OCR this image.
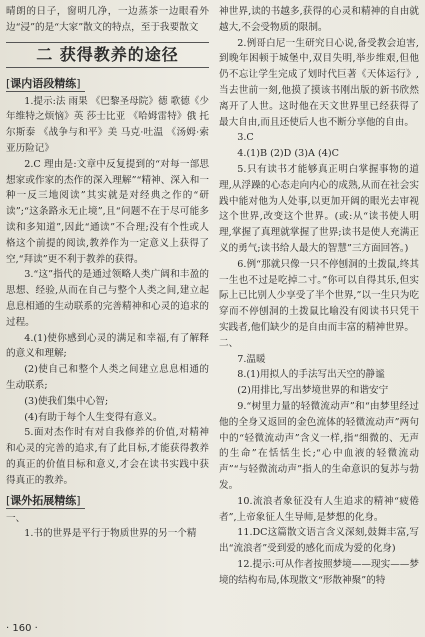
晴朗的日子，窗明几净，一边蒸茶一边眼看外边“浸”的是“大家”散文的特点，至于我要散文

二 获得教养的途径
[课内语段精练]

1.提示:法 雨果 《巴黎圣母院》德 歌德《少年维特之烦恼》英 莎士比亚 《哈姆雷特》俄 托尔斯泰 《战争与和平》美 马克·吐温 《汤姆·索亚历险记》

2.C 理由是:文章中反复提到的“对每一部思想家或作家的杰作的深入理解”“精神、深入和一种一反三地阅读”其实就是对经典之作的“研读”;“这条路永无止境”,且“问题不在于尽可能多读和多知道”,因此“通读”不合理;没有个性或人格这个前提的阅读,教养作为一定意义上获得了空,“拜读”更不利于教养的获得。

3.“这”指代的是通过领略人类广阔和丰盈的思想、经验,从而在自己与整个人类之间,建立起息息相通的生动联系的完善精神和心灵的追求的过程。

4.(1)使你感到心灵的满足和幸福,有了解释的意义和理解;

(2)使自己和整个人类之间建立息息相通的生动联系;

(3)使我们集中心智;

(4)有助于每个人生变得有意义。

5.面对杰作时有对自我修养的价值,对精神和心灵的完善的追求,有了此目标,才能获得教养的真正的价值目标和意义,才会在读书实践中获得真正的教养。

[课外拓展精练]

一、

1.书的世界是平行于物质世界的另一个精

神世界,读的书越多,获得的心灵和精神的自由就越大,不会受物质的限制。

2.例哥白尼一生研究日心说,备受教会迫害,到晚年困顿于城堡中,双目失明,举步维艰,但他仍不忘让学生完成了划时代巨著《天体运行》,当去世前一刻,他摸了摸该书刚出版的新书欣然离开了人世。这时他在天文世界里已经获得了最大自由,而且还使后人也不断分享他的自由。

3.C

4.(1)B (2)D (3)A (4)C

5.只有读书才能够真正明白掌握事物的道理,从浮躁的心态走向内心的成熟,从而在社会实践中能对他为人处事,以更加开阔的眼光去审视这个世界,改变这个世界。(或:从“读书使人明理,掌握了真理就掌握了世界;读书是使人充满正义的勇气;读书给人最大的智慧”三方面回答。)

6.例“那就只像一只不停刨洞的土拨鼠,终其一生也不过是吃掉二寸。”你可以自得其乐,但实际上已比别人少享受了半个世界,”以一生只为吃穿而不停刨洞的土拨鼠比喻没有阅读书只凭干实践者,他们缺少的是自由而丰富的精神世界。

二、

7.温暖

8.(1)用拟人的手法写出天空的静谧

(2)用排比,写出梦境世界的和谐安宁

9.“树里力量的轻微流动声”和“由梦里经过他的全身又返回的金色流体的轻微流动声”两句中的“轻微流动声”含义一样,指“细微的、无声的生命”在恬恬生长;“心中血液的轻微流动声”“与轻微流动声”指人的生命意识的复苏与勃发。

10.流浪者象征没有人生追求的精神“疲倦者”,上帝象征人生导师,是梦想的化身。

11.DC这篇散文语言含义深刻,鼓舞丰富,写出“流浪者”受到爱的感化而成为爱的化身)

12.提示:可从作者按照梦境——现实——梦境的结构布局,体现散文“形散神聚”的特

· 160 ·
